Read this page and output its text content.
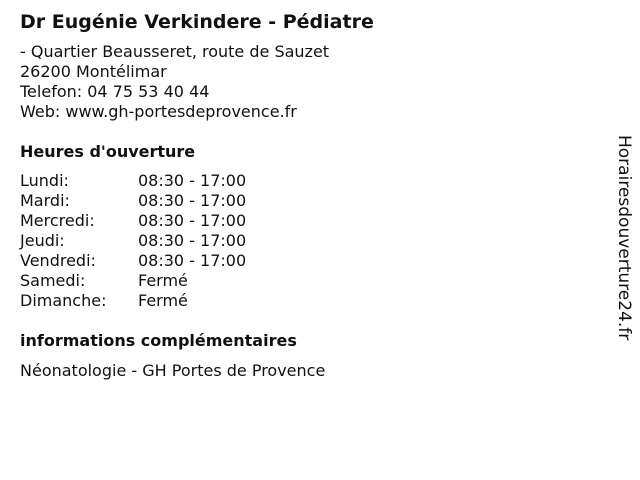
Dr Eugénie Verkindere - Pédiatre
- Quartier Beausseret, route de Sauzet
26200 Montélimar
Telefon: 04 75 53 40 44
Web: www.gh-portesdeprovence.fr
Heures d'ouverture
Lundi:	08:30 - 17:00
Mardi:	08:30 - 17:00
Mercredi:	08:30 - 17:00
Jeudi:	08:30 - 17:00
Vendredi:	08:30 - 17:00
Samedi:	Fermé
Dimanche:	Fermé
informations complémentaires
Néonatologie - GH Portes de Provence
Horairesdouverture24.fr
